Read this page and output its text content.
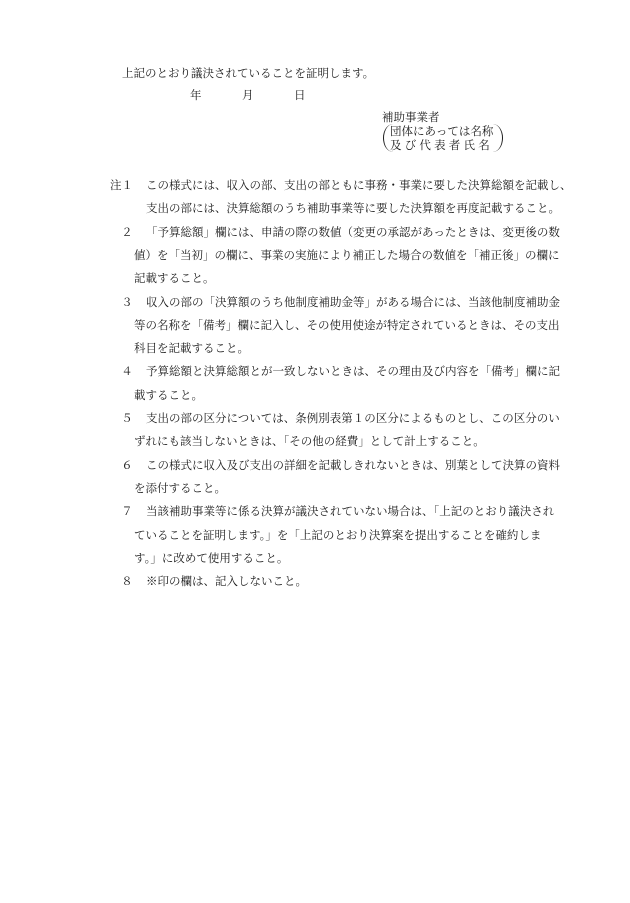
上記のとおり議決されていることを証明します。
年	月	日
補助事業者
団体にあっては名称
及び代表者氏名
注１ この様式には、収入の部、支出の部ともに事務・事業に要した決算総額を記載し、
支出の部には、決算総額のうち補助事業等に要した決算額を再度記載すること。
２ 「予算総額」欄には、申請の際の数値（変更の承認があったときは、変更後の数
値）を「当初」の欄に、事業の実施により補正した場合の数値を「補正後」の欄に
記載すること。
３ 収入の部の「決算額のうち他制度補助金等」がある場合には、当該他制度補助金
等の名称を「備考」欄に記入し、その使用使途が特定されているときは、その支出
科目を記載すること。
４ 予算総額と決算総額とが一致しないときは、その理由及び内容を「備考」欄に記
載すること。
５ 支出の部の区分については、条例別表第１の区分によるものとし、この区分のい
ずれにも該当しないときは、「その他の経費」として計上すること。
６ この様式に収入及び支出の詳細を記載しきれないときは、別葉として決算の資料
を添付すること。
７ 当該補助事業等に係る決算が議決されていない場合は、「上記のとおり議決され
ていることを証明します。」を「上記のとおり決算案を提出することを確約しま
す。」に改めて使用すること。
８ ※印の欄は、記入しないこと。
